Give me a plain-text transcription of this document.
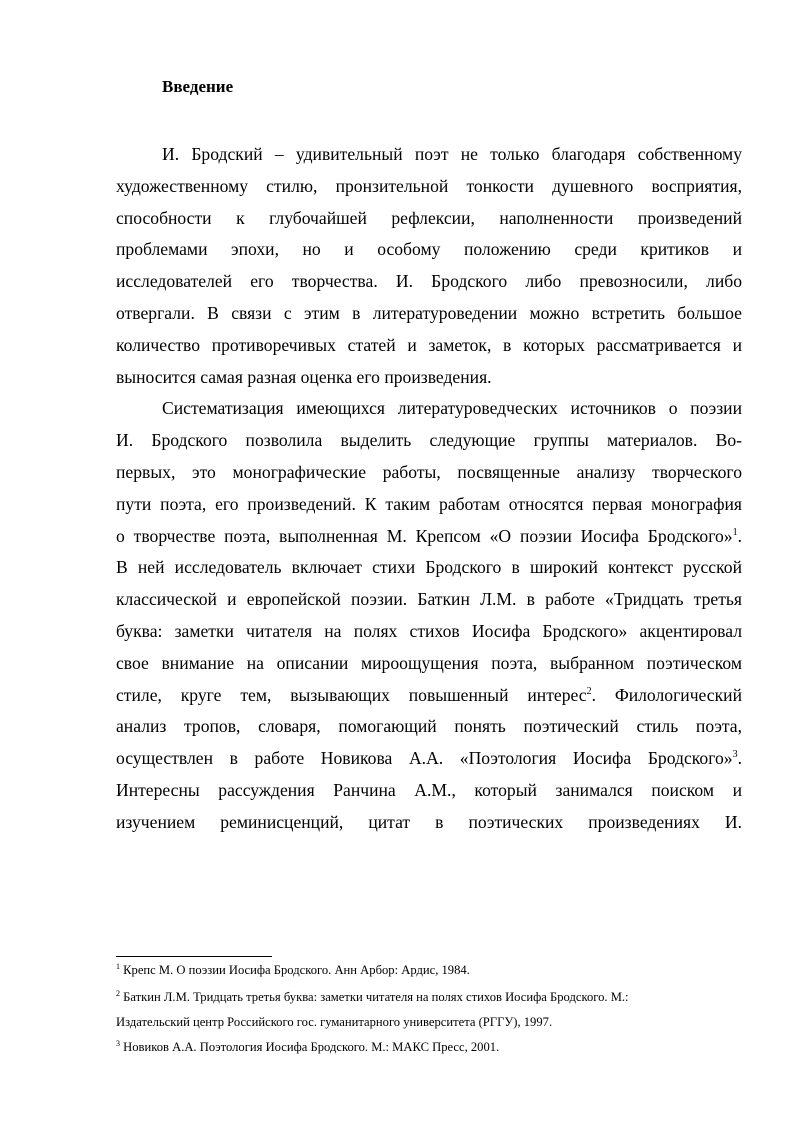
Введение
И. Бродский – удивительный поэт не только благодаря собственному
художественному стилю, пронзительной тонкости душевного восприятия,
способности к глубочайшей рефлексии, наполненности произведений
проблемами эпохи, но и особому положению среди критиков и
исследователей его творчества. И. Бродского либо превозносили, либо
отвергали. В связи с этим в литературоведении можно встретить большое
количество противоречивых статей и заметок, в которых рассматривается и
выносится самая разная оценка его произведения.
Систематизация имеющихся литературоведческих источников о поэзии
И. Бродского позволила выделить следующие группы материалов. Во-
первых, это монографические работы, посвященные анализу творческого
пути поэта, его произведений. К таким работам относятся первая монография
о творчестве поэта, выполненная М. Крепсом «О поэзии Иосифа Бродского»$^1$.
В ней исследователь включает стихи Бродского в широкий контекст русской
классической и европейской поэзии. Баткин Л.М. в работе «Тридцать третья
буква: заметки читателя на полях стихов Иосифа Бродского» акцентировал
свое внимание на описании мироощущения поэта, выбранном поэтическом
стиле, круге тем, вызывающих повышенный интерес$^2$. Филологический
анализ тропов, словаря, помогающий понять поэтический стиль поэта,
осуществлен в работе Новикова А.А. «Поэтология Иосифа Бродского»$^3$.
Интересны рассуждения Ранчина А.М., который занимался поиском и
изучением реминисценций, цитат в поэтических произведениях И.
$^1$ Крепс М. О поэзии Иосифа Бродского. Анн Арбор: Ардис, 1984.
$^2$ Баткин Л.М. Тридцать третья буква: заметки читателя на полях стихов Иосифа Бродского. М.:
Издательский центр Российского гос. гуманитарного университета (РГГУ), 1997.
$^3$ Новиков А.А. Поэтология Иосифа Бродского. М.: МАКС Пресс, 2001.
